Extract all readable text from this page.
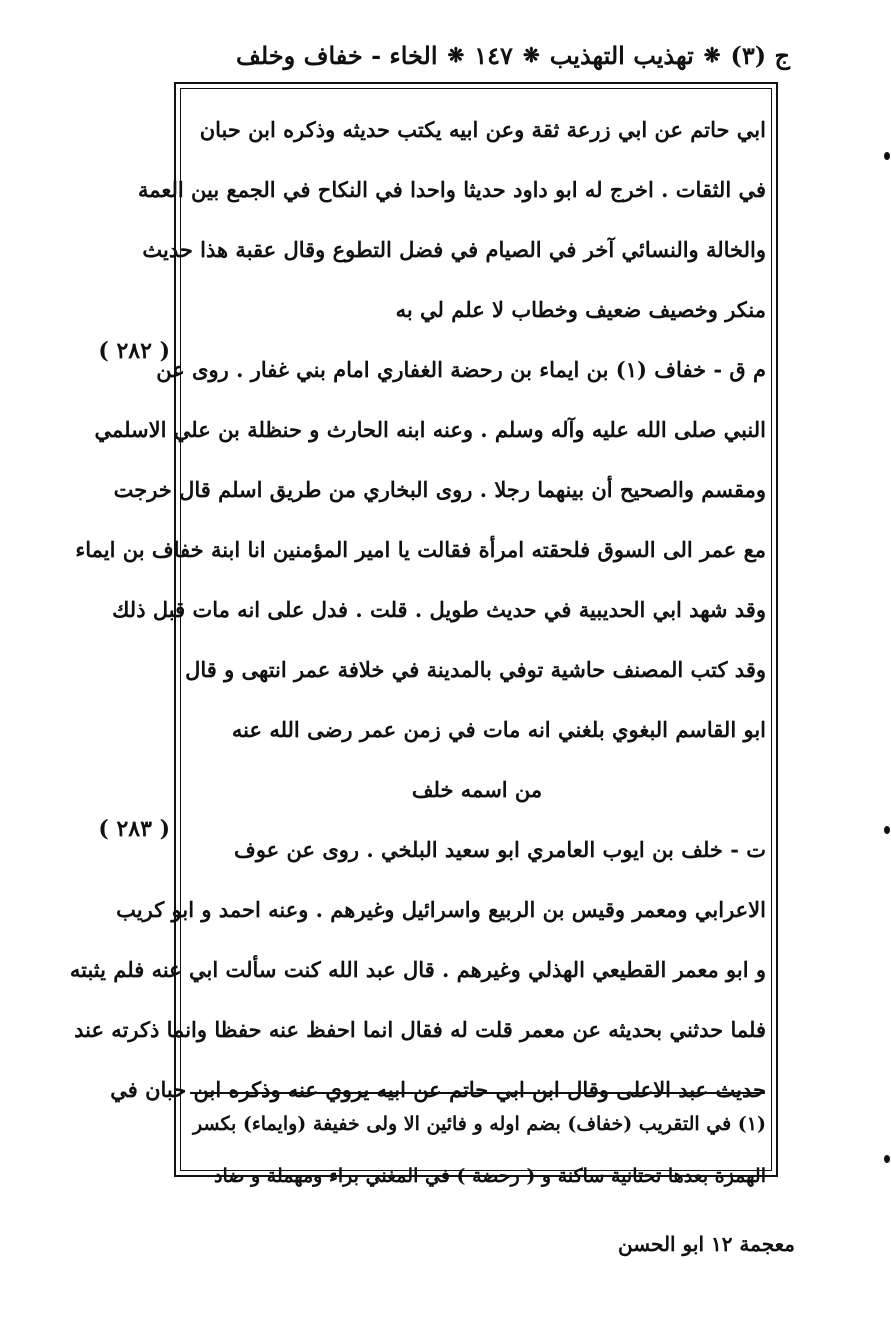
ج (٣)
❋
تهذيب التهذيب
❋
١٤٧
❋
الخاء - خفاف وخلف
ابي حاتم عن ابي زرعة ثقة وعن ابيه يكتب حديثه وذكره ابن حبان
في الثقات . اخرج له ابو داود حديثا واحدا في النكاح في الجمع بين العمة
والخالة والنسائي آخر في الصيام في فضل التطوع وقال عقبة هذا حديث
منكر وخصيف ضعيف وخطاب لا علم لي به
م ق - خفاف (١) بن ايماء بن رحضة الغفاري امام بني غفار . روى عن
النبي صلى الله عليه وآله وسلم . وعنه ابنه الحارث و حنظلة بن علي الاسلمي
ومقسم والصحيح أن بينهما رجلا . روى البخاري من طريق اسلم قال خرجت
مع عمر الى السوق فلحقته امرأة فقالت يا امير المؤمنين انا ابنة خفاف بن ايماء
وقد شهد ابي الحديبية في حديث طويل . قلت . فدل على انه مات قبل ذلك
وقد كتب المصنف حاشية توفي بالمدينة في خلافة عمر انتهى و قال
ابو القاسم البغوي بلغني انه مات في زمن عمر رضى الله عنه
من اسمه خلف
ت - خلف بن ايوب العامري ابو سعيد البلخي . روى عن عوف
الاعرابي ومعمر وقيس بن الربيع واسرائيل وغيرهم . وعنه احمد و ابو كريب
و ابو معمر القطيعي الهذلي وغيرهم . قال عبد الله كنت سألت ابي عنه فلم يثبته
فلما حدثني بحديثه عن معمر قلت له فقال انما احفظ عنه حفظا وانما ذكرته عند
حديث عبد الاعلى وقال ابن ابي حاتم عن ابيه يروي عنه وذكره ابن حبان في
( ٢٨٢ )
( ٢٨٣ )
(١) في التقريب (خفاف) بضم اوله و فائين الا ولى خفيفة (وايماء) بكسر
الهمزة بعدها تحتانية ساكنة و ( رحضة ) في المغني براء ومهملة و ضاد
معجمة ١٢ ابو الحسن
